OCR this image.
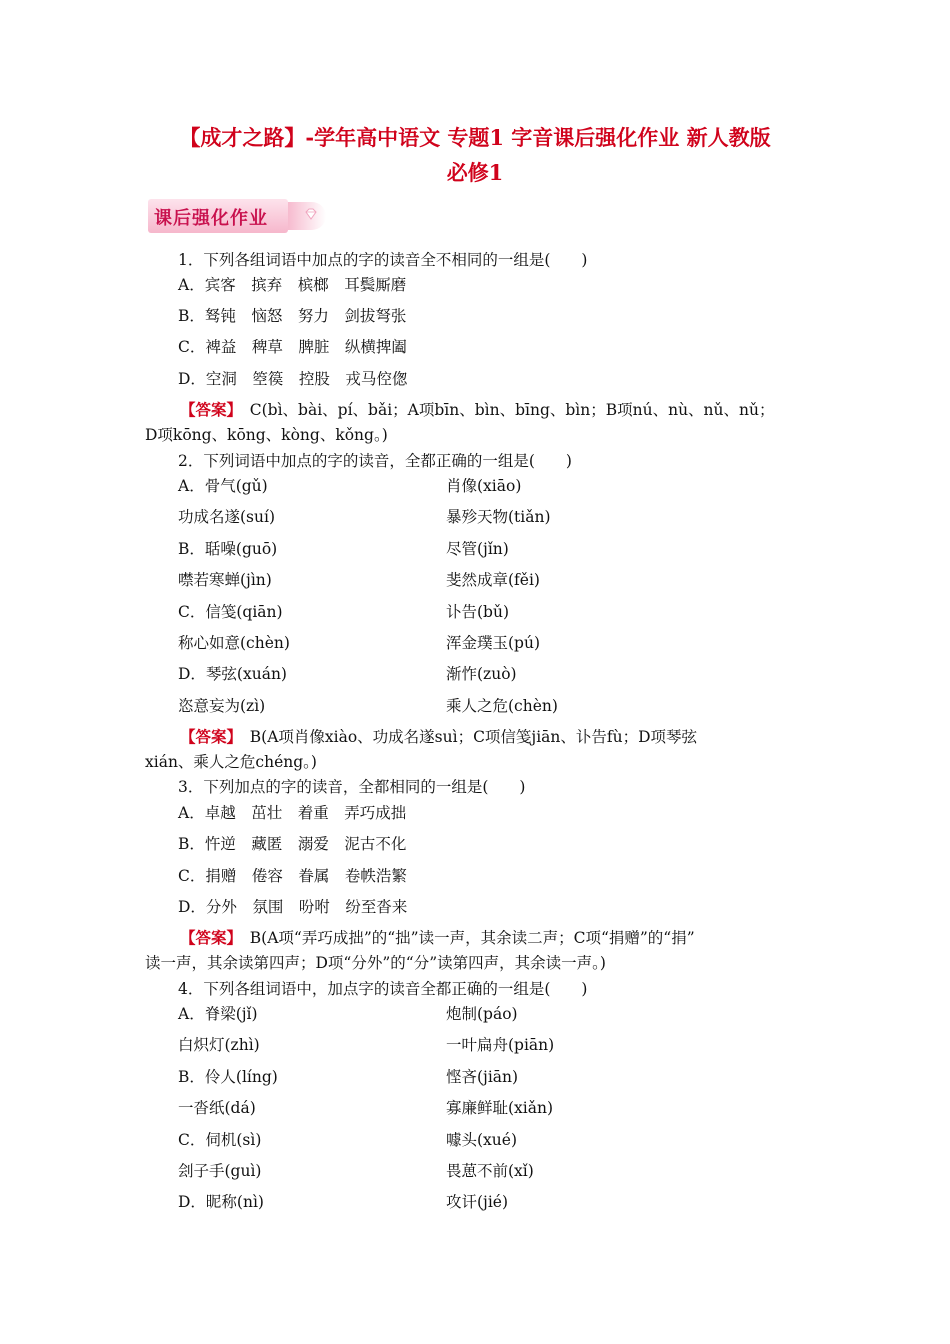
【成才之路】-学年高中语文 专题1 字音课后强化作业 新人教版
必修1
课后强化作业
1．下列各组词语中加点的字的读音全不相同的一组是(　　)
A．宾客　摈弃　槟榔　耳鬓厮磨
B．驽钝　恼怒　努力　剑拔弩张
C．裨益　稗草　脾脏　纵横捭阖
D．空洞　箜篌　控股　戎马倥偬
【答案】　C(bì、bài、pí、bǎi；A项bīn、bìn、bīng、bìn；B项nú、nù、nǔ、nǔ；
D项kōng、kōng、kòng、kǒng。)
2．下列词语中加点的字的读音，全都正确的一组是(　　)
A．骨气(gǔ)	肖像(xiāo)
功成名遂(suí)	暴殄天物(tiǎn)
B．聒噪(guō)	尽管(jǐn)
噤若寒蝉(jìn)	斐然成章(fěi)
C．信笺(qiān)	讣告(bǔ)
称心如意(chèn)	浑金璞玉(pú)
D．琴弦(xuán)	渐怍(zuò)
恣意妄为(zì)	乘人之危(chèn)
【答案】　B(A项肖像xiào、功成名遂suì；C项信笺jiān、讣告fù；D项琴弦
xián、乘人之危chéng。)
3．下列加点的字的读音，全都相同的一组是(　　)
A．卓越　茁壮　着重　弄巧成拙
B．忤逆　藏匿　溺爱　泥古不化
C．捐赠　倦容　眷属　卷帙浩繁
D．分外　氛围　吩咐　纷至沓来
【答案】　B(A项“弄巧成拙”的“拙”读一声，其余读二声；C项“捐赠”的“捐”
读一声，其余读第四声；D项“分外”的“分”读第四声，其余读一声。)
4．下列各组词语中，加点字的读音全都正确的一组是(　　)
A．脊梁(jǐ)	炮制(páo)
白炽灯(zhì)	一叶扁舟(piān)
B．伶人(líng)	悭吝(jiān)
一沓纸(dá)	寡廉鲜耻(xiǎn)
C．伺机(sì)	噱头(xué)
刽子手(guì)	畏葸不前(xǐ)
D．昵称(nì)	攻讦(jié)
